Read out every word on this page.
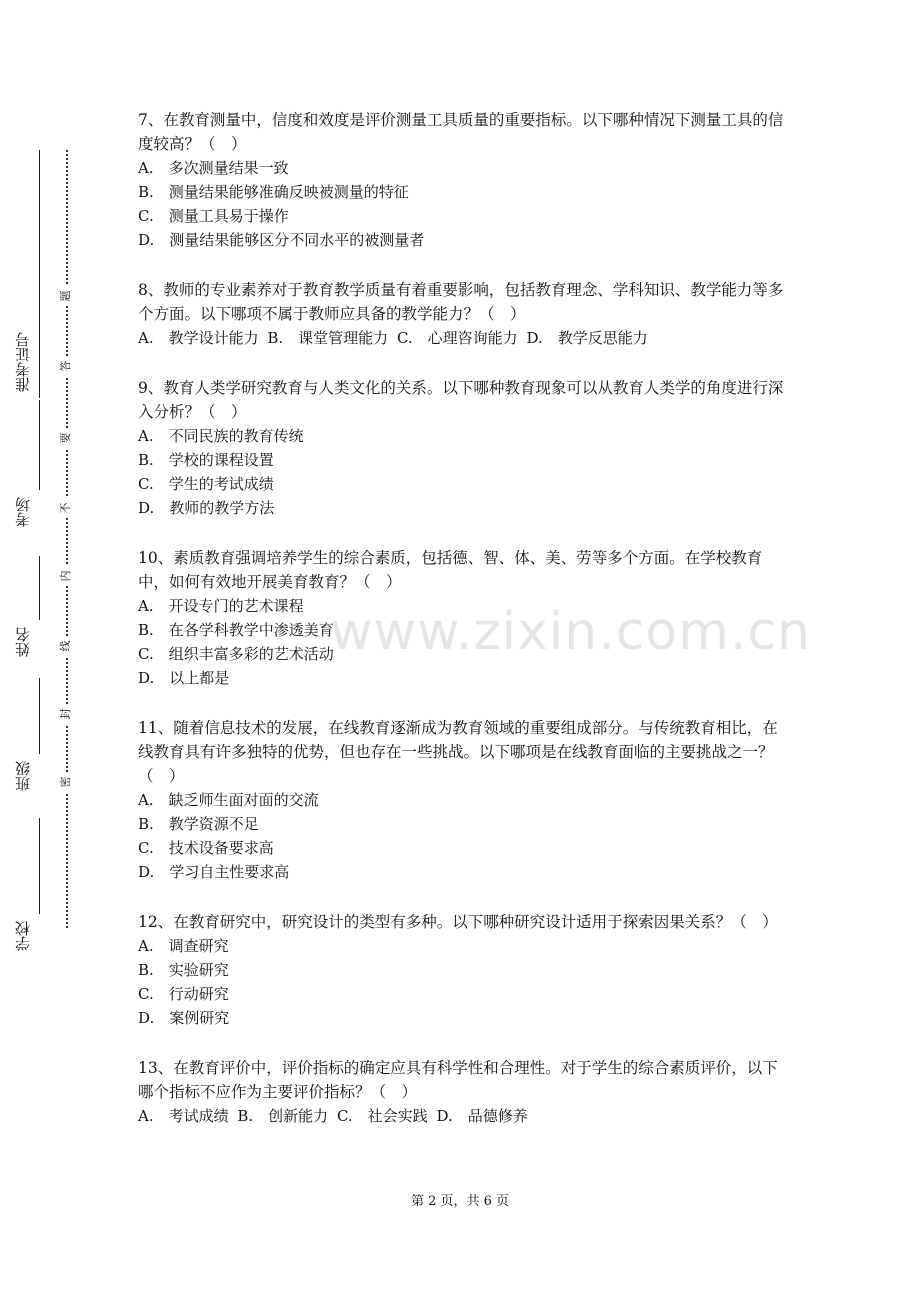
准考证号
考场
姓名
班级
学校
密
封
线
内
不
要
答
题
www.zixin.com.cn

7、在教育测量中，信度和效度是评价测量工具质量的重要指标。以下哪种情况下测量工具的信度较高？（　）

A.　多次测量结果一致

B.　测量结果能够准确反映被测量的特征

C.　测量工具易于操作

D.　测量结果能够区分不同水平的被测量者

8、教师的专业素养对于教育教学质量有着重要影响，包括教育理念、学科知识、教学能力等多个方面。以下哪项不属于教师应具备的教学能力？（　）

A.　教学设计能力 B.　课堂管理能力 C.　心理咨询能力 D.　教学反思能力

9、教育人类学研究教育与人类文化的关系。以下哪种教育现象可以从教育人类学的角度进行深入分析？（　）

A.　不同民族的教育传统

B.　学校的课程设置

C.　学生的考试成绩

D.　教师的教学方法

10、素质教育强调培养学生的综合素质，包括德、智、体、美、劳等多个方面。在学校教育中，如何有效地开展美育教育？（　）

A.　开设专门的艺术课程

B.　在各学科教学中渗透美育

C.　组织丰富多彩的艺术活动

D.　以上都是

11、随着信息技术的发展，在线教育逐渐成为教育领域的重要组成部分。与传统教育相比，在线教育具有许多独特的优势，但也存在一些挑战。以下哪项是在线教育面临的主要挑战之一？（　）

A.　缺乏师生面对面的交流

B.　教学资源不足

C.　技术设备要求高

D.　学习自主性要求高

12、在教育研究中，研究设计的类型有多种。以下哪种研究设计适用于探索因果关系？（　）

A.　调查研究

B.　实验研究

C.　行动研究

D.　案例研究

13、在教育评价中，评价指标的确定应具有科学性和合理性。对于学生的综合素质评价，以下哪个指标不应作为主要评价指标？（　）

A.　考试成绩 B.　创新能力 C.　社会实践 D.　品德修养

第 2 页，共 6 页
